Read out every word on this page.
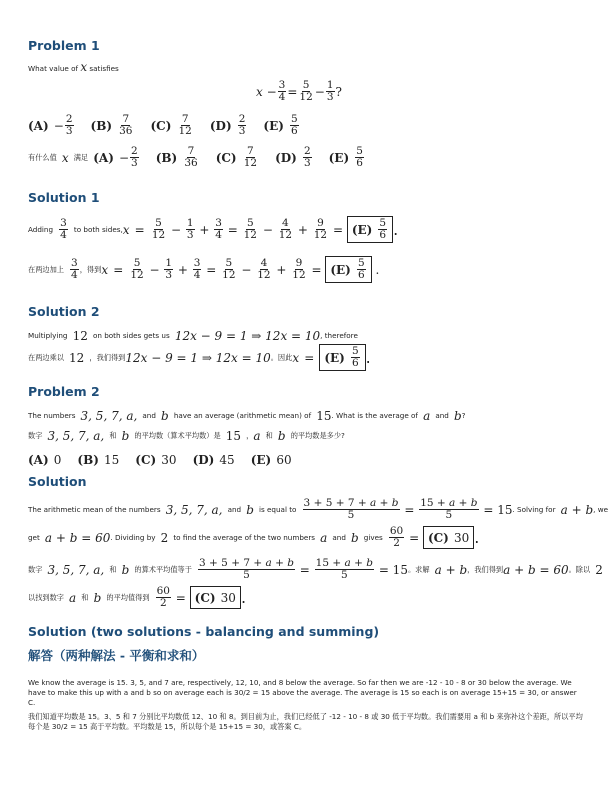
Problem 1
What value of x satisfies
$x - \frac{3}{4} = \frac{5}{12} - \frac{1}{3}$ ?
(A)
− $\frac{2}{3} (B)$
$\frac{7}{36} (C)$
$\frac{7}{12} (D)$
$\frac{2}{3} (E)$
$\frac{5}{6}$
有什么值
x
满足
(A)
− $\frac{2}{3} (B)$
$\frac{7}{36} (C)$
$\frac{7}{12} (D)$
$\frac{2}{3} (E)$
$\frac{5}{6}$
Solution 1
Adding
$\frac{3}{4}$
to both sides, x
=
$\frac{5}{12} - \frac{1}{3} + \frac{3}{4} = \frac{5}{12} - \frac{4}{12} + \frac{9}{12} = (E)$
$\frac{5}{6}$ .
在两边加上
$\frac{3}{4}$ ，得到 x
=
$\frac{5}{12} - \frac{1}{3} + \frac{3}{4} = \frac{5}{12} - \frac{4}{12} + \frac{9}{12} = (E)$
$\frac{5}{6}$ .
Solution 2
Multiplying
12
on both sides gets us
12x − 9 = 1 ⇒ 12x = 10 , therefore
在两边乘以
12
，我们得到 12x − 9 = 1 ⇒ 12x = 10 。因此 x
=
(E)
$\frac{5}{6}$ .
Problem 2
The numbers
3, 5, 7, a,
and
b
have an average (arithmetic mean) of
15 . What is the average of
a
and
b ?
数字
3, 5, 7, a,
和
b
的平均数（算术平均数）是
15
， a
和
b
的平均数是多少?
(A)
0 (B)
15 (C)
30 (D)
45 (E)
60
Solution
The arithmetic mean of the numbers
3, 5, 7, a,
and
b
is equal to
$\frac{3 + 5 + 7 + a + b}{5} = \frac{15 + a + b}{5} = 15$ . Solving for
a + b , we
get
a + b = 60 . Dividing by
2
to find the average of the two numbers
a
and
b
gives
$\frac{60}{2} = (C)$
30 .
数字
3, 5, 7, a,
和
b
的算术平均值等于
$\frac{3 + 5 + 7 + a + b}{5} = \frac{15 + a + b}{5} = 15$ 。求解
a + b ，我们得到 a + b = 60 。除以
2
以找到数字
a
和
b
的平均值得到
$\frac{60}{2} = (C)$
30 .
Solution (two solutions - balancing and summing)
解答（两种解法 - 平衡和求和）
We know the average is 15. 3, 5, and 7 are, respectively, 12, 10, and 8 below the average. So far then we are -12 - 10 - 8 or 30 below the average. We have to make this up with a and b so on average each is 30/2 = 15 above the average. The average is 15 so each is on average 15+15 = 30, or answer C.
我们知道平均数是 15。3、5 和 7 分别比平均数低 12、10 和 8。到目前为止，我们已经低了 -12 - 10 - 8 或 30 低于平均数。我们需要用 a 和 b 来弥补这个差距，所以平均每个是 30/2 = 15 高于平均数。平均数是 15，所以每个是 15+15 = 30，或答案 C。
